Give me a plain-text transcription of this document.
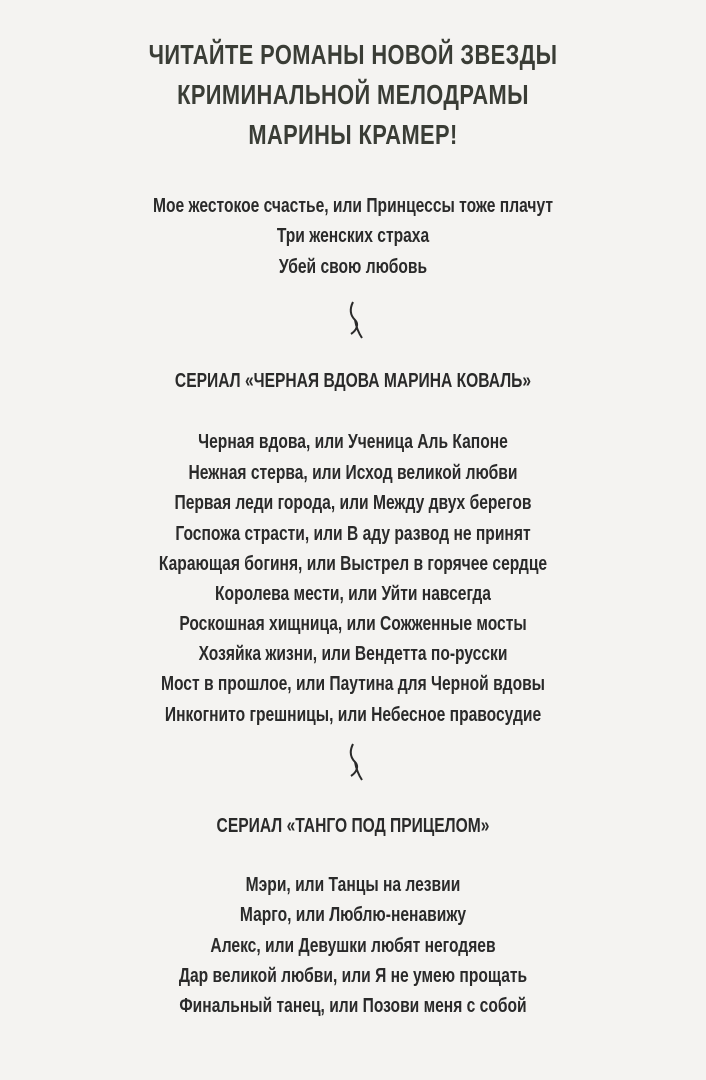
ЧИТАЙТЕ РОМАНЫ НОВОЙ ЗВЕЗДЫ
КРИМИНАЛЬНОЙ МЕЛОДРАМЫ
МАРИНЫ КРАМЕР!
Мое жестокое счастье, или Принцессы тоже плачут
Три женских страха
Убей свою любовь
СЕРИАЛ «ЧЕРНАЯ ВДОВА МАРИНА КОВАЛЬ»
Черная вдова, или Ученица Аль Капоне
Нежная стерва, или Исход великой любви
Первая леди города, или Между двух берегов
Госпожа страсти, или В аду развод не принят
Карающая богиня, или Выстрел в горячее сердце
Королева мести, или Уйти навсегда
Роскошная хищница, или Сожженные мосты
Хозяйка жизни, или Вендетта по-русски
Мост в прошлое, или Паутина для Черной вдовы
Инкогнито грешницы, или Небесное правосудие
СЕРИАЛ «ТАНГО ПОД ПРИЦЕЛОМ»
Мэри, или Танцы на лезвии
Марго, или Люблю-ненавижу
Алекс, или Девушки любят негодяев
Дар великой любви, или Я не умею прощать
Финальный танец, или Позови меня с собой
